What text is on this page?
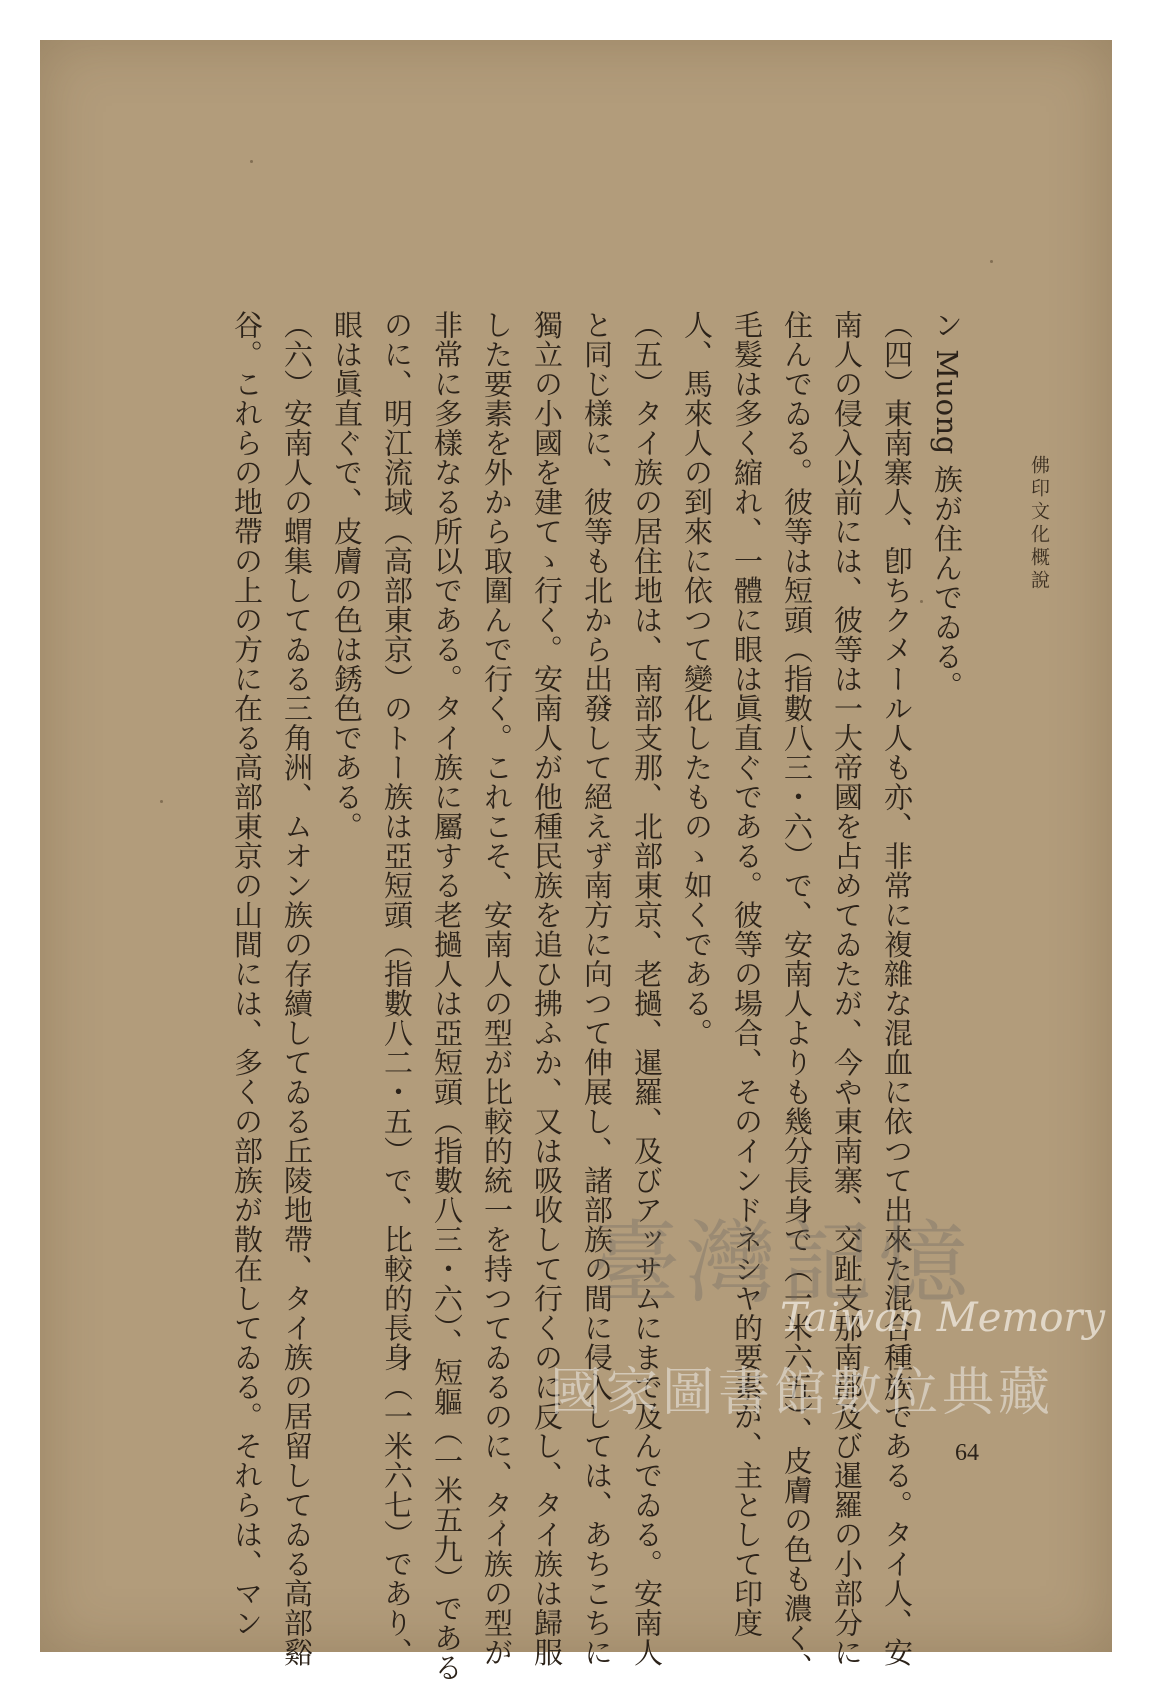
佛印文化概說

ン Muong 族が住んでゐる。

（四）東南寨人、卽ちクメール人も亦、非常に複雜な混血に依つて出來た混合種族である。タイ人、安

南人の侵入以前には、彼等は一大帝國を占めてゐたが、今や東南寨、交趾支那南部及び暹羅の小部分に

住んでゐる。彼等は短頭（指數八三・六）で、安南人よりも幾分長身で（一米六五）、皮膚の色も濃く、

毛髮は多く縮れ、一體に眼は眞直ぐである。彼等の場合、そのインドネシヤ的要素が、主として印度

人、馬來人の到來に依つて變化したものゝ如くである。

（五）タイ族の居住地は、南部支那、北部東京、老撾、暹羅、及びアッサムにまで及んでゐる。安南人

と同じ樣に、彼等も北から出發して絕えず南方に向つて伸展し、諸部族の間に侵入しては、あちこちに

獨立の小國を建てゝ行く。安南人が他種民族を追ひ拂ふか、又は吸收して行くのに反し、タイ族は歸服

した要素を外から取圍んで行く。これこそ、安南人の型が比較的統一を持つてゐるのに、タイ族の型が

非常に多樣なる所以である。タイ族に屬する老撾人は亞短頭（指數八三・六）、短軀（一米五九）である

のに、明江流域（高部東京）のトー族は亞短頭（指數八二・五）で、比較的長身（一米六七）であり、

眼は眞直ぐで、皮膚の色は銹色である。

（六）安南人の蝟集してゐる三角洲、ムオン族の存續してゐる丘陵地帶、タイ族の居留してゐる高部谿

谷。これらの地帶の上の方に在る高部東京の山間には、多くの部族が散在してゐる。それらは、マン	臺灣記憶
Taiwan Memory
國家圖書館數位典藏
64
